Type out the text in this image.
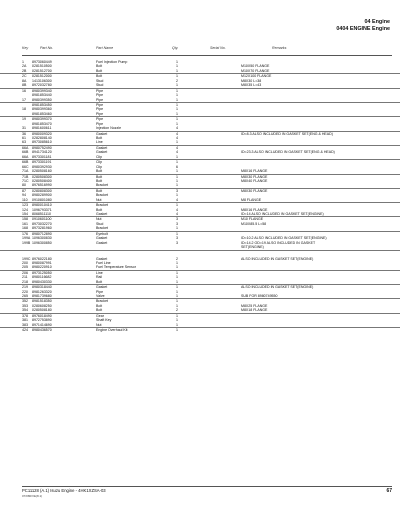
04 Engine
0404 ENGINE Engine
Key	Part No.	Part Name	Qty.	Serial No.	Remarks
1 8973060449	Fuel Injection Pump	1
2A 0281510500	Bolt	1	M10X50 FLANGE
2B 0281512700	Bolt	1	M10X70 FLANGE
2C 0281512000	Bolt	1	M12X100 FLANGE
8A 1413106300	Stud	2	M8X30 L=38
8B 8972032780	Stud	1	M8X35 L=43
16 8980399340	Pipe	1
8981853440	Pipe	1
17 8980399350	Pipe	1
8981853450	Pipe	1
18 8980399360	Pipe	1
8981853460	Pipe	1
19 8980399370	Pipe	1
8981853470	Pipe	1
31 8981600611	Injection Nozzle	4
36 8980009320	Gasket	4	ID=8.3 ALSO INCLUDED IN GASKET SET(ENG & HEAD)
61 0282808140	Bolt	4
63 8973085610	Line	1
66A 8980752490	Gasket	4
66B 8941734120	Gasket	4	ID=23.3 ALSO INCLUDED IN GASKET SET(ENG & HEAD)
66A 8973301181	Clip	1
66B 8973301191	Clip	1
66C 8980392930	Clip	6
71A 0280508160	Bolt	1	M8X16 FLANGE
71B 0280508300	Bolt	1	M8X30 FLANGE
71C 0280508400	Bolt	1	M8X40 FLANGE
80 8976516990	Bracket	1
87 0280808300	Bolt	3	M8X30 FLANGE
94 8980289900	Bracket	1
110 0910801080	Nut	4	M8 FLANGE
123 8980010410	Bracket	1
124 1096793371	Bolt	4	M8X16 FLANGE
154 8068511110	Gasket	4	ID=14 ALSO INCLUDED IN GASKET SET(ENGINE)
158 0910601100	Nut	3	M10 FLANGE
161 8973032270	Stud	3	M10X85.5 L=58
168 8973281960	Bracket	1
176 8980712890	Eyebolt	1
199A 1096300830	Gasket	3	ID=10.2 ALSO INCLUDED IN GASKET SET(ENGINE)
199B 1096300850	Gasket	3	ID=14.2 OD=19 ALSO INCLUDED IN GASKET
SET(ENGINE)
199C 8976022180	Gasket	2	ALSO INCLUDED IN GASKET SET(ENGINE)
200 8980087991	Fuel Line	1
205 8980220910	Fuel Temperature Sensor	1
206 8973125050	Line	1
211 8980116682	Rail	1
218 8980430330	Bolt	1
219 8980318440	Gasket	1	ALSO INCLUDED IN GASKET SET(ENGINE)
220 8981263320	Pipe	1
265 8981739680	Valve	1	SUB FOR 8980749550
352 8981518350	Bracket	1
353 0280608250	Bolt	1	M8X25 FLANGE
354 0280508180	Bolt	2	M8X18 FLANGE
378 8976018490	Gear	1
381 8972753890	Shaft Key	1
383 8971414690	Nut	1
424 8980436570	Engine Overhaul Kit	1
PC11128 (A.1) Isuzu Engine - 4HK1XZSA-03	67
07/080/VE(8.1)
